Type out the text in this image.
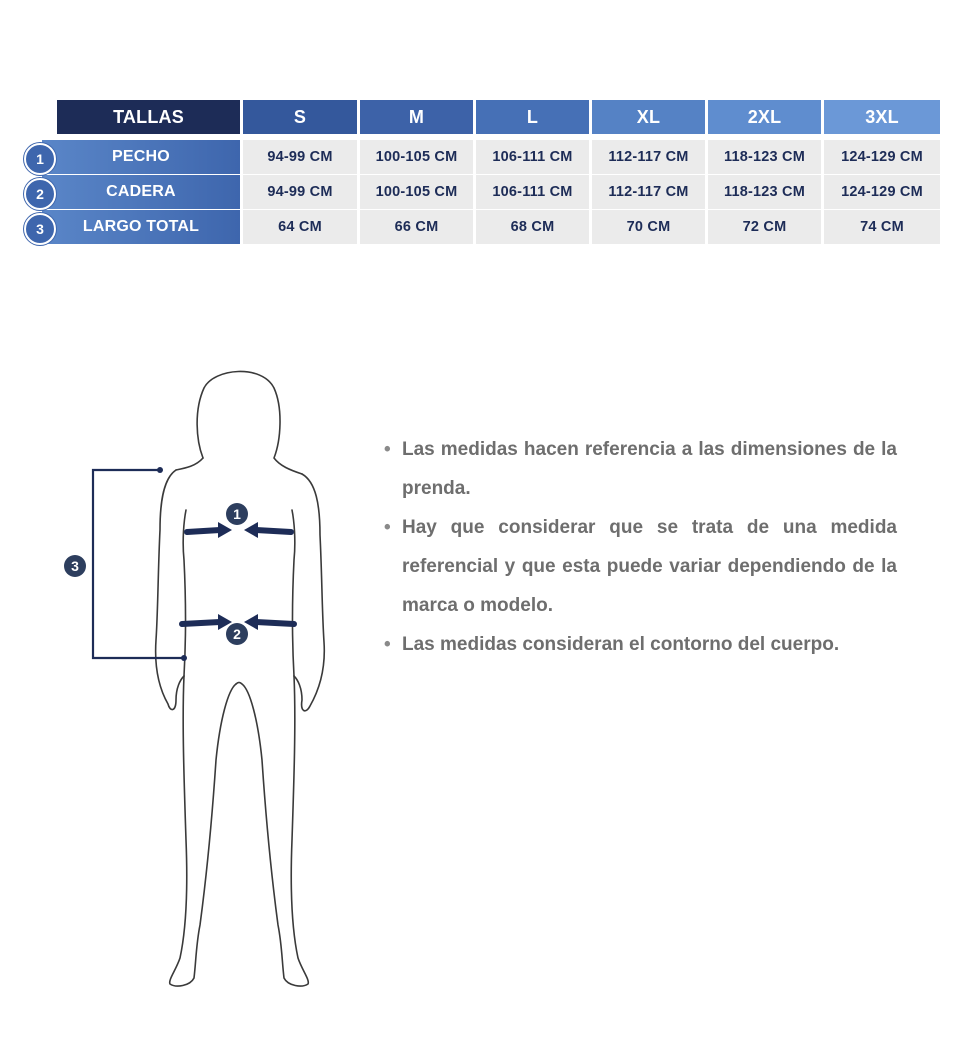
TALLAS	S	M	L	XL	2XL	3XL
1	PECHO	94-99 CM	100-105 CM	106-111 CM	112-117 CM	118-123 CM	124-129 CM
2	CADERA	94-99 CM	100-105 CM	106-111 CM	112-117 CM	118-123 CM	124-129 CM
3	LARGO TOTAL	64 CM	66 CM	68 CM	70 CM	72 CM	74 CM
1
2
3

• Las medidas hacen referencia a las dimensiones de la prenda.

• Hay que considerar que se trata de una medida referencial y que esta puede variar dependiendo de la marca o modelo.

• Las medidas consideran el contorno del cuerpo.
